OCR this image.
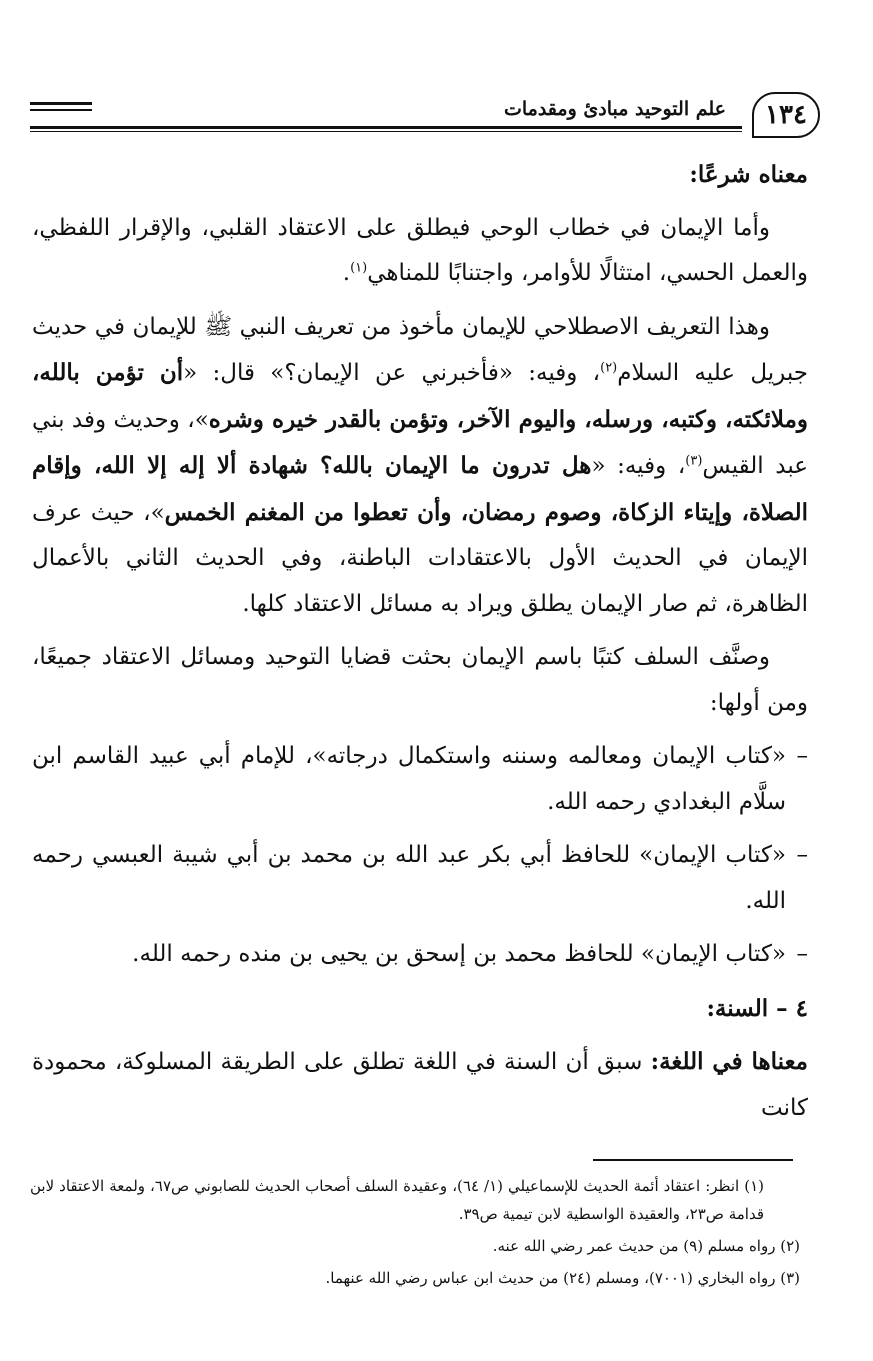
علم التوحيد مبادئ ومقدمات	١٣٤

معناه شرعًا:

وأما الإيمان في خطاب الوحي فيطلق على الاعتقاد القلبي، والإقرار اللفظي، والعمل الحسي، امتثالًا للأوامر، واجتنابًا للمناهي$^{(١)}$.

وهذا التعريف الاصطلاحي للإيمان مأخوذ من تعريف النبي ﷺ للإيمان في حديث جبريل عليه السلام$^{(٢)}$، وفيه: «فأخبرني عن الإيمان؟» قال: «أن تؤمن بالله، وملائكته، وكتبه، ورسله، واليوم الآخر، وتؤمن بالقدر خيره وشره»، وحديث وفد بني عبد القيس$^{(٣)}$، وفيه: «هل تدرون ما الإيمان بالله؟ شهادة ألا إله إلا الله، وإقام الصلاة، وإيتاء الزكاة، وصوم رمضان، وأن تعطوا من المغنم الخمس»، حيث عرف الإيمان في الحديث الأول بالاعتقادات الباطنة، وفي الحديث الثاني بالأعمال الظاهرة، ثم صار الإيمان يطلق ويراد به مسائل الاعتقاد كلها.

وصنَّف السلف كتبًا باسم الإيمان بحثت قضايا التوحيد ومسائل الاعتقاد جميعًا، ومن أولها:

–
«كتاب الإيمان ومعالمه وسننه واستكمال درجاته»، للإمام أبي عبيد القاسم ابن سلَّام البغدادي رحمه الله.

–
«كتاب الإيمان» للحافظ أبي بكر عبد الله بن محمد بن أبي شيبة العبسي رحمه الله.

–
«كتاب الإيمان» للحافظ محمد بن إسحق بن يحيى بن منده رحمه الله.

٤ – السنة:

معناها في اللغة: سبق أن السنة في اللغة تطلق على الطريقة المسلوكة، محمودة كانت

(١) انظر: اعتقاد أئمة الحديث للإسماعيلي (١/ ٦٤)، وعقيدة السلف أصحاب الحديث للصابوني ص٦٧، ولمعة الاعتقاد لابن قدامة ص٢٣، والعقيدة الواسطية لابن تيمية ص٣٩.

(٢) رواه مسلم (٩) من حديث عمر رضي الله عنه.

(٣) رواه البخاري (٧٠٠١)، ومسلم (٢٤) من حديث ابن عباس رضي الله عنهما.
